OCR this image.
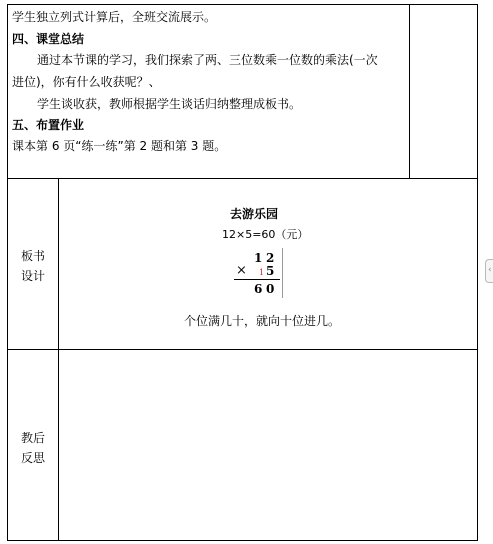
学生独立列式计算后，全班交流展示。
四、课堂总结
通过本节课的学习，我们探索了两、三位数乘一位数的乘法(一次
进位)，你有什么收获呢？、
学生谈收获，教师根据学生谈话归纳整理成板书。
五、布置作业
课本第 6 页“练一练”第 2 题和第 3 题。
板书
设计
去游乐园
12×5=60（元）
1 2
× 1 5
6 0
个位满几十，就向十位进几。
教后
反思
‹
